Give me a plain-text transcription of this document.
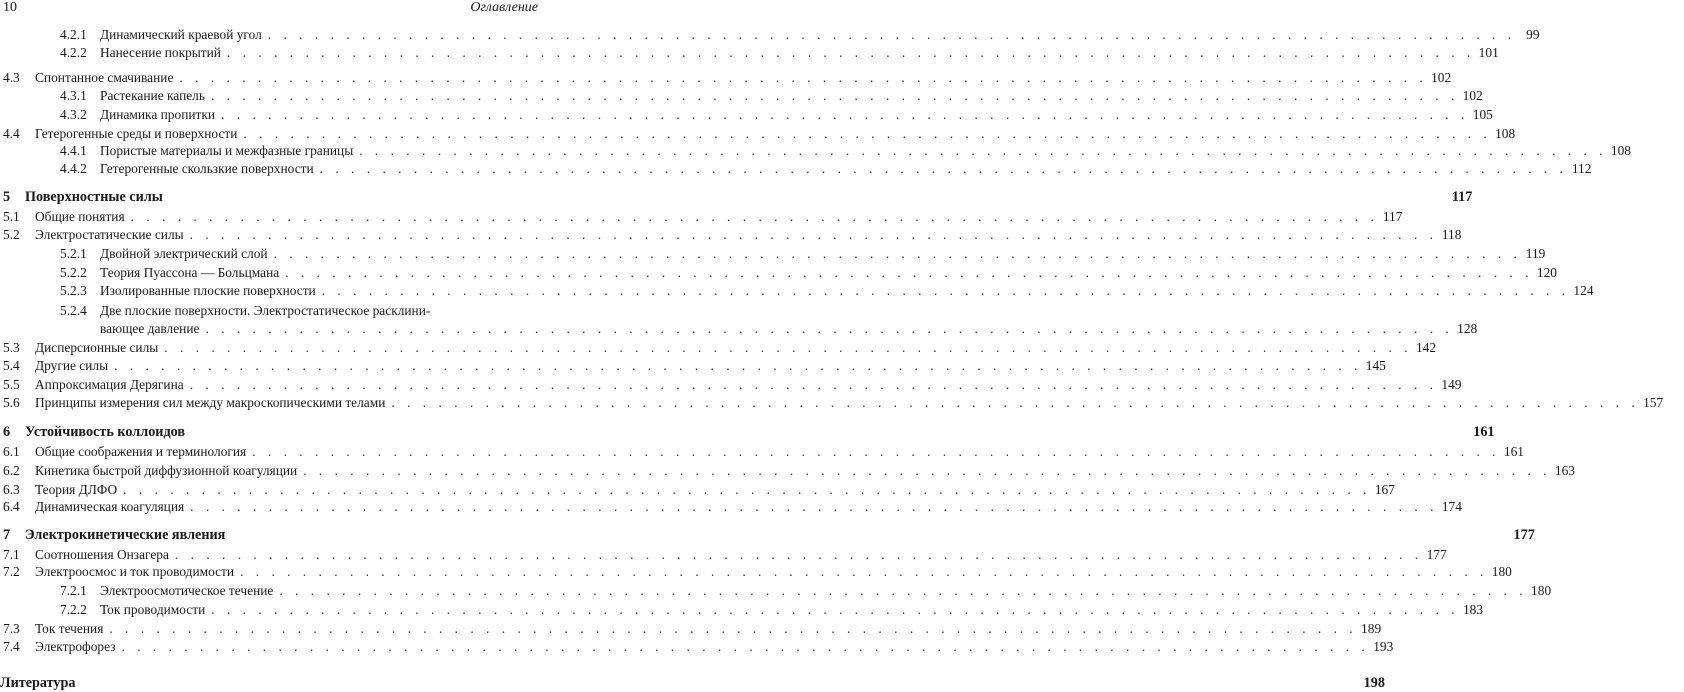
10	Оглавление
4.2.1 Динамический краевой угол . . . . . . . . . . . . . . . . . . . . . . . . . . . . . . . . . . . . . . . . . . . . . . . . . . . . . . . . . . . . . . . . . . . . . . . . . . . . . . . . 99
4.2.2 Нанесение покрытий . . . . . . . . . . . . . . . . . . . . . . . . . . . . . . . . . . . . . . . . . . . . . . . . . . . . . . . . . . . . . . . . . . . . . . . . . . . . . . . . 101
4.3	Спонтанное смачивание . . . . . . . . . . . . . . . . . . . . . . . . . . . . . . . . . . . . . . . . . . . . . . . . . . . . . . . . . . . . . . . . . . . . . . . . . . . . . . . . 102
4.3.1 Растекание капель . . . . . . . . . . . . . . . . . . . . . . . . . . . . . . . . . . . . . . . . . . . . . . . . . . . . . . . . . . . . . . . . . . . . . . . . . . . . . . . . 102
4.3.2 Динамика пропитки . . . . . . . . . . . . . . . . . . . . . . . . . . . . . . . . . . . . . . . . . . . . . . . . . . . . . . . . . . . . . . . . . . . . . . . . . . . . . . . . 105
4.4	Гетерогенные среды и поверхности . . . . . . . . . . . . . . . . . . . . . . . . . . . . . . . . . . . . . . . . . . . . . . . . . . . . . . . . . . . . . . . . . . . . . . . . . . . . . . . . 108
4.4.1 Пористые материалы и межфазные границы . . . . . . . . . . . . . . . . . . . . . . . . . . . . . . . . . . . . . . . . . . . . . . . . . . . . . . . . . . . . . . . . . . . . . . . . . . . . . . . . 108
4.4.2 Гетерогенные скользкие поверхности . . . . . . . . . . . . . . . . . . . . . . . . . . . . . . . . . . . . . . . . . . . . . . . . . . . . . . . . . . . . . . . . . . . . . . . . . . . . . . . . 112
5	Поверхностные силы	117
5.1	Общие понятия . . . . . . . . . . . . . . . . . . . . . . . . . . . . . . . . . . . . . . . . . . . . . . . . . . . . . . . . . . . . . . . . . . . . . . . . . . . . . . . . 117
5.2	Электростатические силы . . . . . . . . . . . . . . . . . . . . . . . . . . . . . . . . . . . . . . . . . . . . . . . . . . . . . . . . . . . . . . . . . . . . . . . . . . . . . . . . 118
5.2.1 Двойной электрический слой . . . . . . . . . . . . . . . . . . . . . . . . . . . . . . . . . . . . . . . . . . . . . . . . . . . . . . . . . . . . . . . . . . . . . . . . . . . . . . . . 119
5.2.2 Теория Пуассона — Больцмана . . . . . . . . . . . . . . . . . . . . . . . . . . . . . . . . . . . . . . . . . . . . . . . . . . . . . . . . . . . . . . . . . . . . . . . . . . . . . . . . 120
5.2.3 Изолированные плоские поверхности . . . . . . . . . . . . . . . . . . . . . . . . . . . . . . . . . . . . . . . . . . . . . . . . . . . . . . . . . . . . . . . . . . . . . . . . . . . . . . . . 124
5.2.4 Две плоские поверхности. Электростатическое расклини-
вающее давление . . . . . . . . . . . . . . . . . . . . . . . . . . . . . . . . . . . . . . . . . . . . . . . . . . . . . . . . . . . . . . . . . . . . . . . . . . . . . . . . 128
5.3	Дисперсионные силы . . . . . . . . . . . . . . . . . . . . . . . . . . . . . . . . . . . . . . . . . . . . . . . . . . . . . . . . . . . . . . . . . . . . . . . . . . . . . . . . 142
5.4	Другие силы . . . . . . . . . . . . . . . . . . . . . . . . . . . . . . . . . . . . . . . . . . . . . . . . . . . . . . . . . . . . . . . . . . . . . . . . . . . . . . . . 145
5.5	Аппроксимация Дерягина . . . . . . . . . . . . . . . . . . . . . . . . . . . . . . . . . . . . . . . . . . . . . . . . . . . . . . . . . . . . . . . . . . . . . . . . . . . . . . . . 149
5.6	Принципы измерения сил между макроскопическими телами . . . . . . . . . . . . . . . . . . . . . . . . . . . . . . . . . . . . . . . . . . . . . . . . . . . . . . . . . . . . . . . . . . . . . . . . . . . . . . . . 157
6	Устойчивость коллоидов	161
6.1	Общие соображения и терминология . . . . . . . . . . . . . . . . . . . . . . . . . . . . . . . . . . . . . . . . . . . . . . . . . . . . . . . . . . . . . . . . . . . . . . . . . . . . . . . . 161
6.2	Кинетика быстрой диффузионной коагуляции . . . . . . . . . . . . . . . . . . . . . . . . . . . . . . . . . . . . . . . . . . . . . . . . . . . . . . . . . . . . . . . . . . . . . . . . . . . . . . . . 163
6.3	Теория ДЛФО . . . . . . . . . . . . . . . . . . . . . . . . . . . . . . . . . . . . . . . . . . . . . . . . . . . . . . . . . . . . . . . . . . . . . . . . . . . . . . . . 167
6.4	Динамическая коагуляция . . . . . . . . . . . . . . . . . . . . . . . . . . . . . . . . . . . . . . . . . . . . . . . . . . . . . . . . . . . . . . . . . . . . . . . . . . . . . . . . 174
7	Электрокинетические явления	177
7.1	Соотношения Онзагера . . . . . . . . . . . . . . . . . . . . . . . . . . . . . . . . . . . . . . . . . . . . . . . . . . . . . . . . . . . . . . . . . . . . . . . . . . . . . . . . 177
7.2	Электроосмос и ток проводимости . . . . . . . . . . . . . . . . . . . . . . . . . . . . . . . . . . . . . . . . . . . . . . . . . . . . . . . . . . . . . . . . . . . . . . . . . . . . . . . . 180
7.2.1 Электроосмотическое течение . . . . . . . . . . . . . . . . . . . . . . . . . . . . . . . . . . . . . . . . . . . . . . . . . . . . . . . . . . . . . . . . . . . . . . . . . . . . . . . . 180
7.2.2 Ток проводимости . . . . . . . . . . . . . . . . . . . . . . . . . . . . . . . . . . . . . . . . . . . . . . . . . . . . . . . . . . . . . . . . . . . . . . . . . . . . . . . . 183
7.3	Ток течения . . . . . . . . . . . . . . . . . . . . . . . . . . . . . . . . . . . . . . . . . . . . . . . . . . . . . . . . . . . . . . . . . . . . . . . . . . . . . . . . 189
7.4	Электрофорез . . . . . . . . . . . . . . . . . . . . . . . . . . . . . . . . . . . . . . . . . . . . . . . . . . . . . . . . . . . . . . . . . . . . . . . . . . . . . . . . 193
Литература	198
